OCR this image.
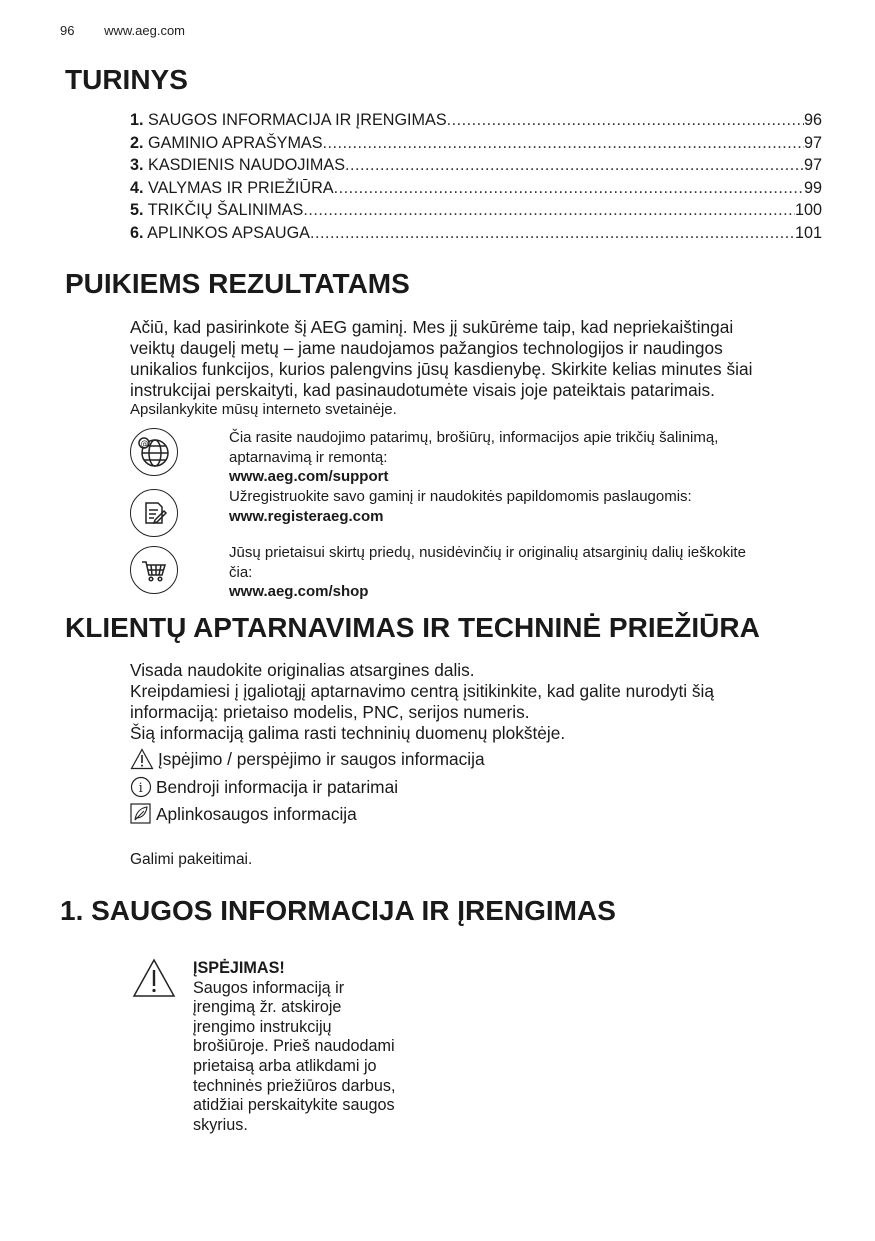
96 www.aeg.com
TURINYS
1. SAUGOS INFORMACIJA IR ĮRENGIMAS .....	96
2. GAMINIO APRAŠYMAS .....	97
3. KASDIENIS NAUDOJIMAS .....	97
4. VALYMAS IR PRIEŽIŪRA .....	99
5. TRIKČIŲ ŠALINIMAS .....	100
6. APLINKOS APSAUGA .....	101
PUIKIEMS REZULTATAMS
Ačiū, kad pasirinkote šį AEG gaminį. Mes jį sukūrėme taip, kad nepriekaištingai
veiktų daugelį metų – jame naudojamos pažangios technologijos ir naudingos
unikalios funkcijos, kurios palengvins jūsų kasdienybę. Skirkite kelias minutes šiai
instrukcijai perskaityti, kad pasinaudotumėte visais joje pateiktais patarimais.
Apsilankykite mūsų interneto svetainėje.
@	Čia rasite naudojimo patarimų, brošiūrų, informacijos apie trikčių šalinimą,
aptarnavimą ir remontą:
www.aeg.com/support
Užregistruokite savo gaminį ir naudokitės papildomomis paslaugomis:
www.registeraeg.com
Jūsų prietaisui skirtų priedų, nusidėvinčių ir originalių atsarginių dalių ieškokite
čia:
www.aeg.com/shop
KLIENTŲ APTARNAVIMAS IR TECHNINĖ PRIEŽIŪRA
Visada naudokite originalias atsargines dalis.
Kreipdamiesi į įgaliotąjį aptarnavimo centrą įsitikinkite, kad galite nurodyti šią
informaciją: prietaiso modelis, PNC, serijos numeris.
Šią informaciją galima rasti techninių duomenų plokštėje.
Įspėjimo / perspėjimo ir saugos informacija
i Bendroji informacija ir patarimai
Aplinkosaugos informacija
Galimi pakeitimai.
1. SAUGOS INFORMACIJA IR ĮRENGIMAS
ĮSPĖJIMAS!
Saugos informaciją ir
įrengimą žr. atskiroje
įrengimo instrukcijų
brošiūroje. Prieš naudodami
prietaisą arba atlikdami jo
techninės priežiūros darbus,
atidžiai perskaitykite saugos
skyrius.
